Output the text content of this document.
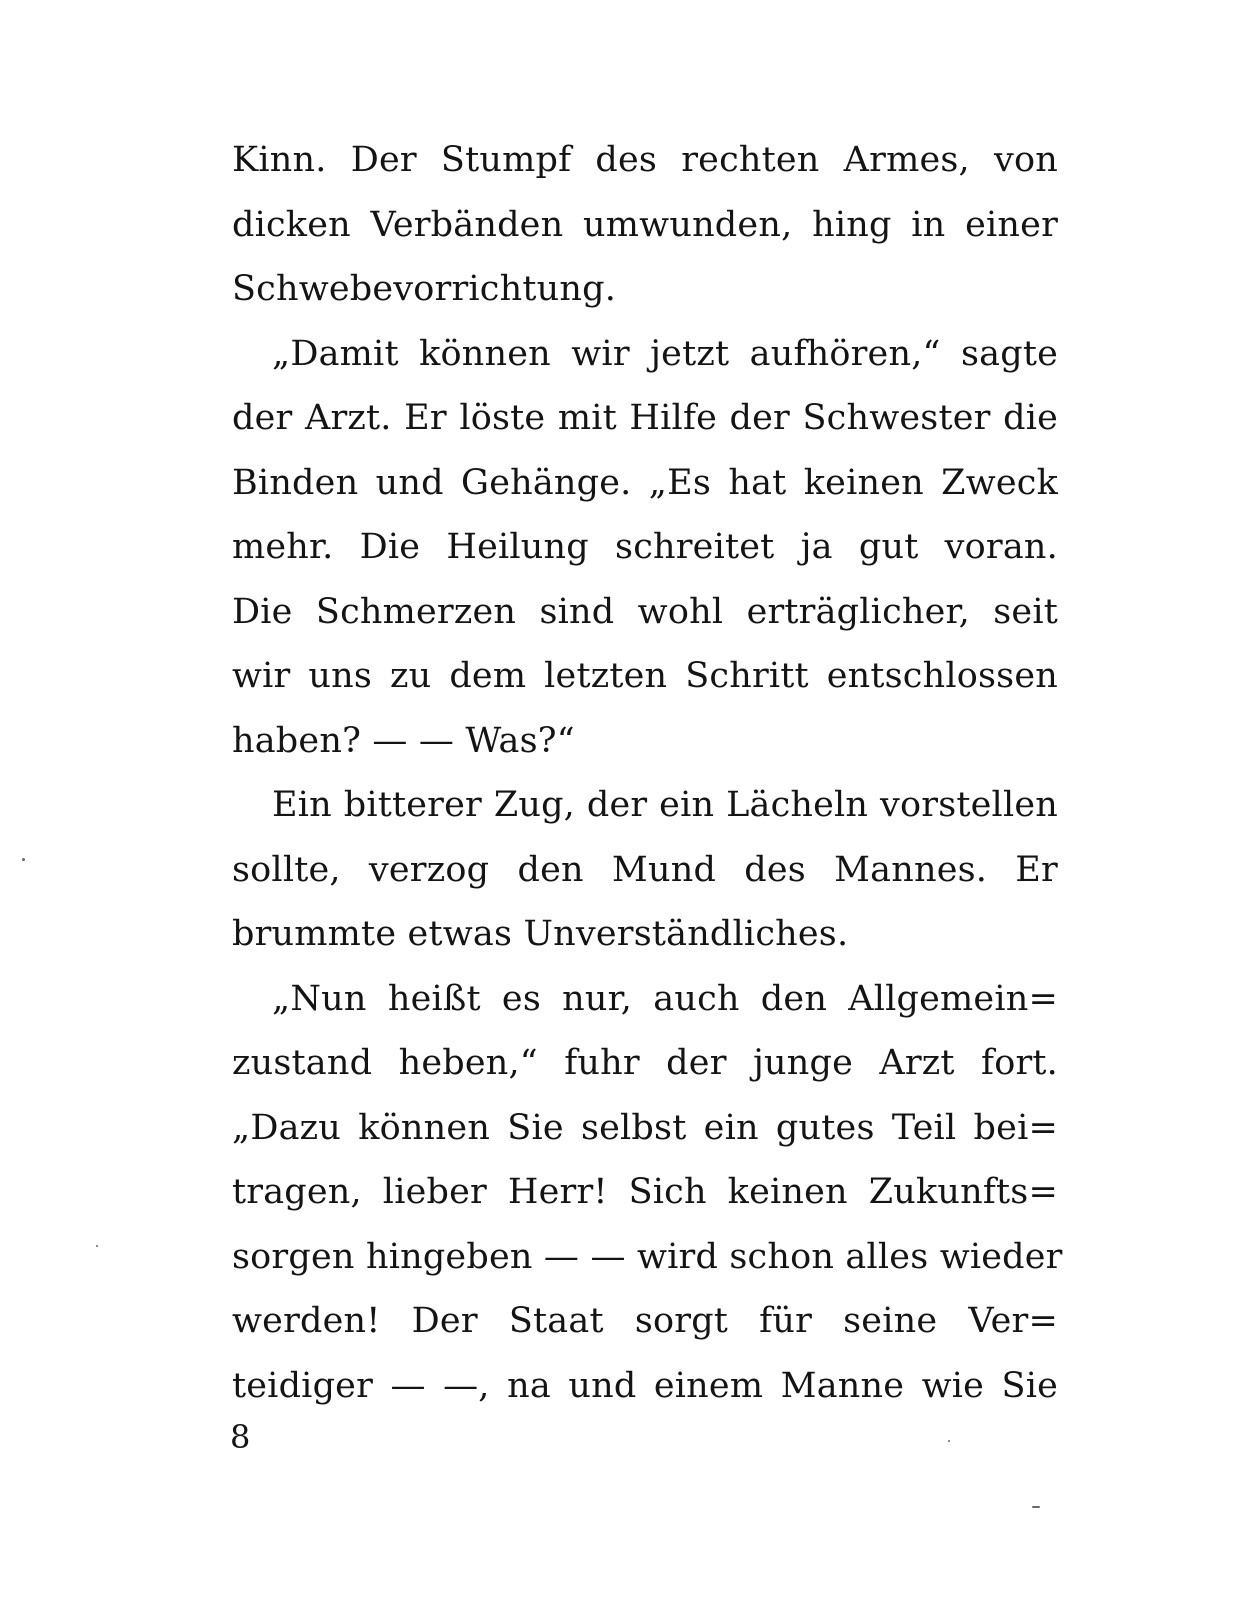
Kinn. Der Stumpf des rechten Armes, von
dicken Verbänden umwunden, hing in einer
Schwebevorrichtung.
„Damit können wir jetzt aufhören,“ sagte
der Arzt. Er löste mit Hilfe der Schwester die
Binden und Gehänge. „Es hat keinen Zweck
mehr. Die Heilung schreitet ja gut voran.
Die Schmerzen sind wohl erträglicher, seit
wir uns zu dem letzten Schritt entschlossen
haben? — — Was?“
Ein bitterer Zug, der ein Lächeln vorstellen
sollte, verzog den Mund des Mannes. Er
brummte etwas Unverständliches.
„Nun heißt es nur, auch den Allgemein=
zustand heben,“ fuhr der junge Arzt fort.
„Dazu können Sie selbst ein gutes Teil bei=
tragen, lieber Herr! Sich keinen Zukunfts=
sorgen hingeben — — wird schon alles wieder
werden! Der Staat sorgt für seine Ver=
teidiger — —, na und einem Manne wie Sie
8
